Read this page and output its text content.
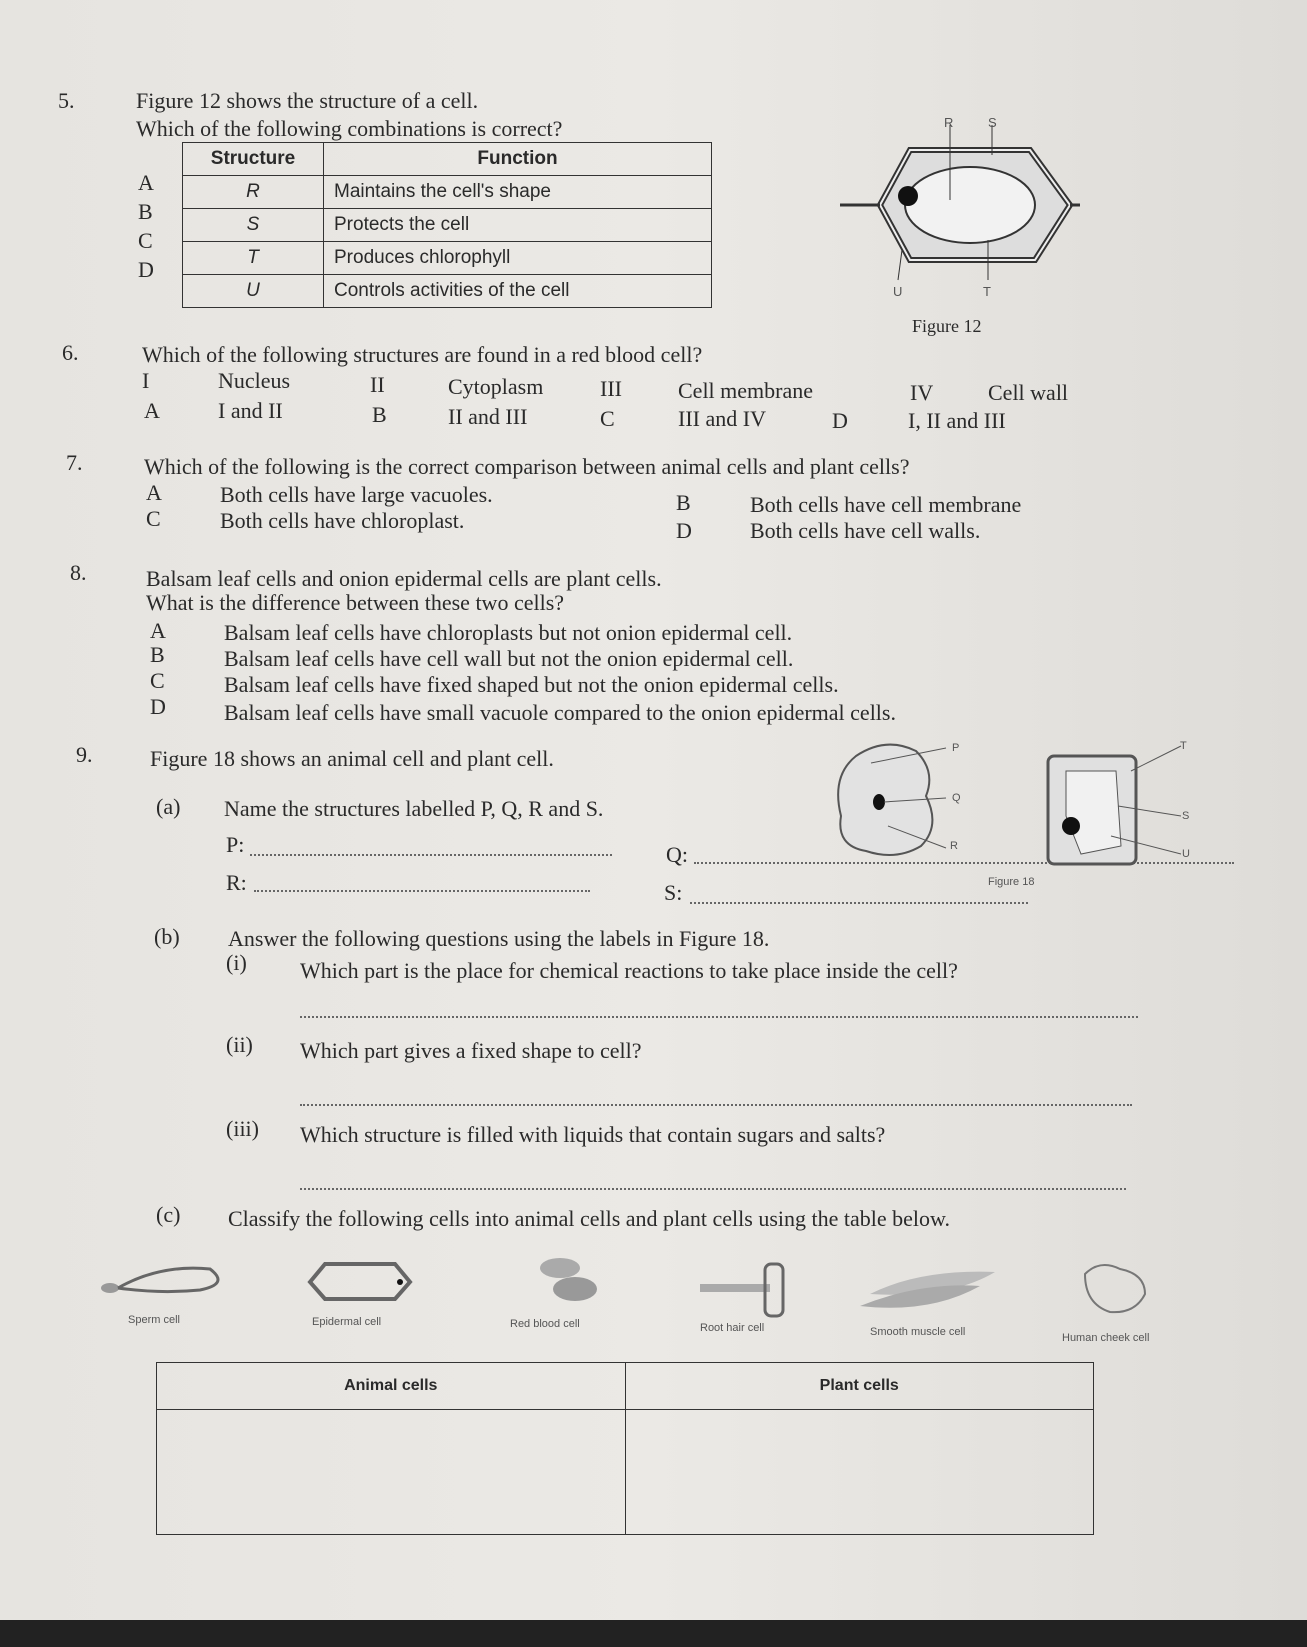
5.	Figure 12 shows the structure of a cell.
Which of the following combinations is correct?
A
B
C
D
Structure	Function
R	Maintains the cell's shape
S	Protects the cell
T	Produces chlorophyll
U	Controls activities of the cell
R	S
U	T
Figure 12
6.	Which of the following structures are found in a red blood cell?
I	Nucleus	II	Cytoplasm	III	Cell membrane	IV Cell wall
A	I and II	B	II and III	C	III and IV	D	I, II and III
7.	Which of the following is the correct comparison between animal cells and plant cells?
A	Both cells have large vacuoles.	B	Both cells have cell membrane
C	Both cells have chloroplast.	D	Both cells have cell walls.
8.	Balsam leaf cells and onion epidermal cells are plant cells.
What is the difference between these two cells?
A	Balsam leaf cells have chloroplasts but not onion epidermal cell.
B	Balsam leaf cells have cell wall but not the onion epidermal cell.
C	Balsam leaf cells have fixed shaped but not the onion epidermal cells.
D	Balsam leaf cells have small vacuole compared to the onion epidermal cells.
9.	Figure 18 shows an animal cell and plant cell.
(a) Name the structures labelled P, Q, R and S.
P:	Q:
R:	S:
P
Q
R
T
S
U
Figure 18
(b) Answer the following questions using the labels in Figure 18.
(i) Which part is the place for chemical reactions to take place inside the cell?
(ii) Which part gives a fixed shape to cell?
(iii) Which structure is filled with liquids that contain sugars and salts?
(c) Classify the following cells into animal cells and plant cells using the table below.
Sperm cell	Epidermal cell	Red blood cell	Root hair cell	Smooth muscle cell	Human cheek cell
Animal cells	Plant cells
